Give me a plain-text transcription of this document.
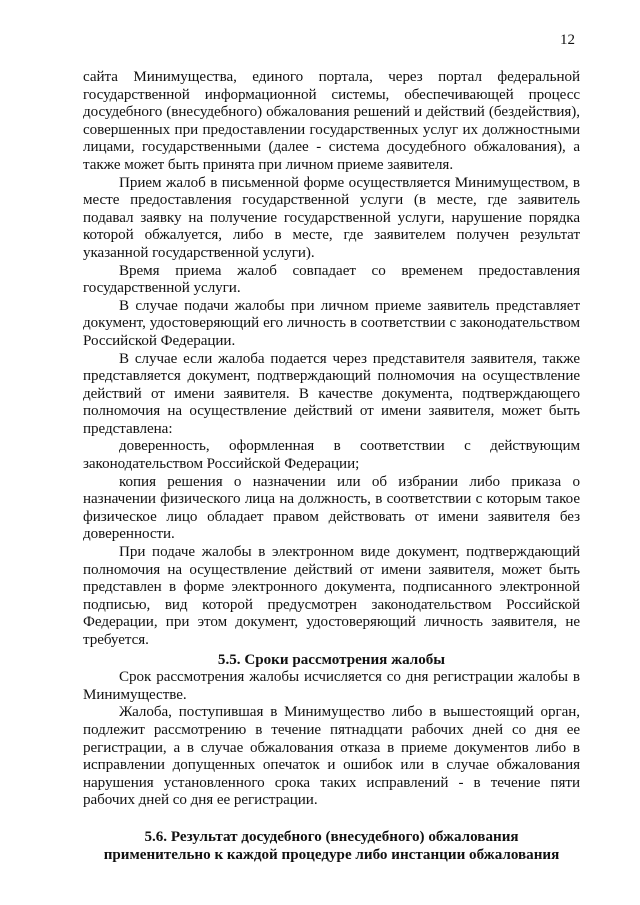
12

сайта Минимущества, единого портала, через портал федеральной государственной информационной системы, обеспечивающей процесс досудебного (внесудебного) обжалования решений и действий (бездействия), совершенных при предоставлении государственных услуг их должностными лицами, государственными (далее - система досудебного обжалования), а также может быть принята при личном приеме заявителя.

Прием жалоб в письменной форме осуществляется Минимуществом, в месте предоставления государственной услуги (в месте, где заявитель подавал заявку на получение государственной услуги, нарушение порядка которой обжалуется, либо в месте, где заявителем получен результат указанной государственной услуги).

Время приема жалоб совпадает со временем предоставления государственной услуги.

В случае подачи жалобы при личном приеме заявитель представляет документ, удостоверяющий его личность в соответствии с законодательством Российской Федерации.

В случае если жалоба подается через представителя заявителя, также представляется документ, подтверждающий полномочия на осуществление действий от имени заявителя. В качестве документа, подтверждающего полномочия на осуществление действий от имени заявителя, может быть представлена:

доверенность, оформленная в соответствии с действующим законодательством Российской Федерации;

копия решения о назначении или об избрании либо приказа о назначении физического лица на должность, в соответствии с которым такое физическое лицо обладает правом действовать от имени заявителя без доверенности.

При подаче жалобы в электронном виде документ, подтверждающий полномочия на осуществление действий от имени заявителя, может быть представлен в форме электронного документа, подписанного электронной подписью, вид которой предусмотрен законодательством Российской Федерации, при этом документ, удостоверяющий личность заявителя, не требуется.

5.5. Сроки рассмотрения жалобы

Срок рассмотрения жалобы исчисляется со дня регистрации жалобы в Минимуществе.

Жалоба, поступившая в Минимущество либо в вышестоящий орган, подлежит рассмотрению в течение пятнадцати рабочих дней со дня ее регистрации, а в случае обжалования отказа в приеме документов либо в исправлении допущенных опечаток и ошибок или в случае обжалования нарушения установленного срока таких исправлений - в течение пяти рабочих дней со дня ее регистрации.

5.6. Результат досудебного (внесудебного) обжалования
применительно к каждой процедуре либо инстанции обжалования
